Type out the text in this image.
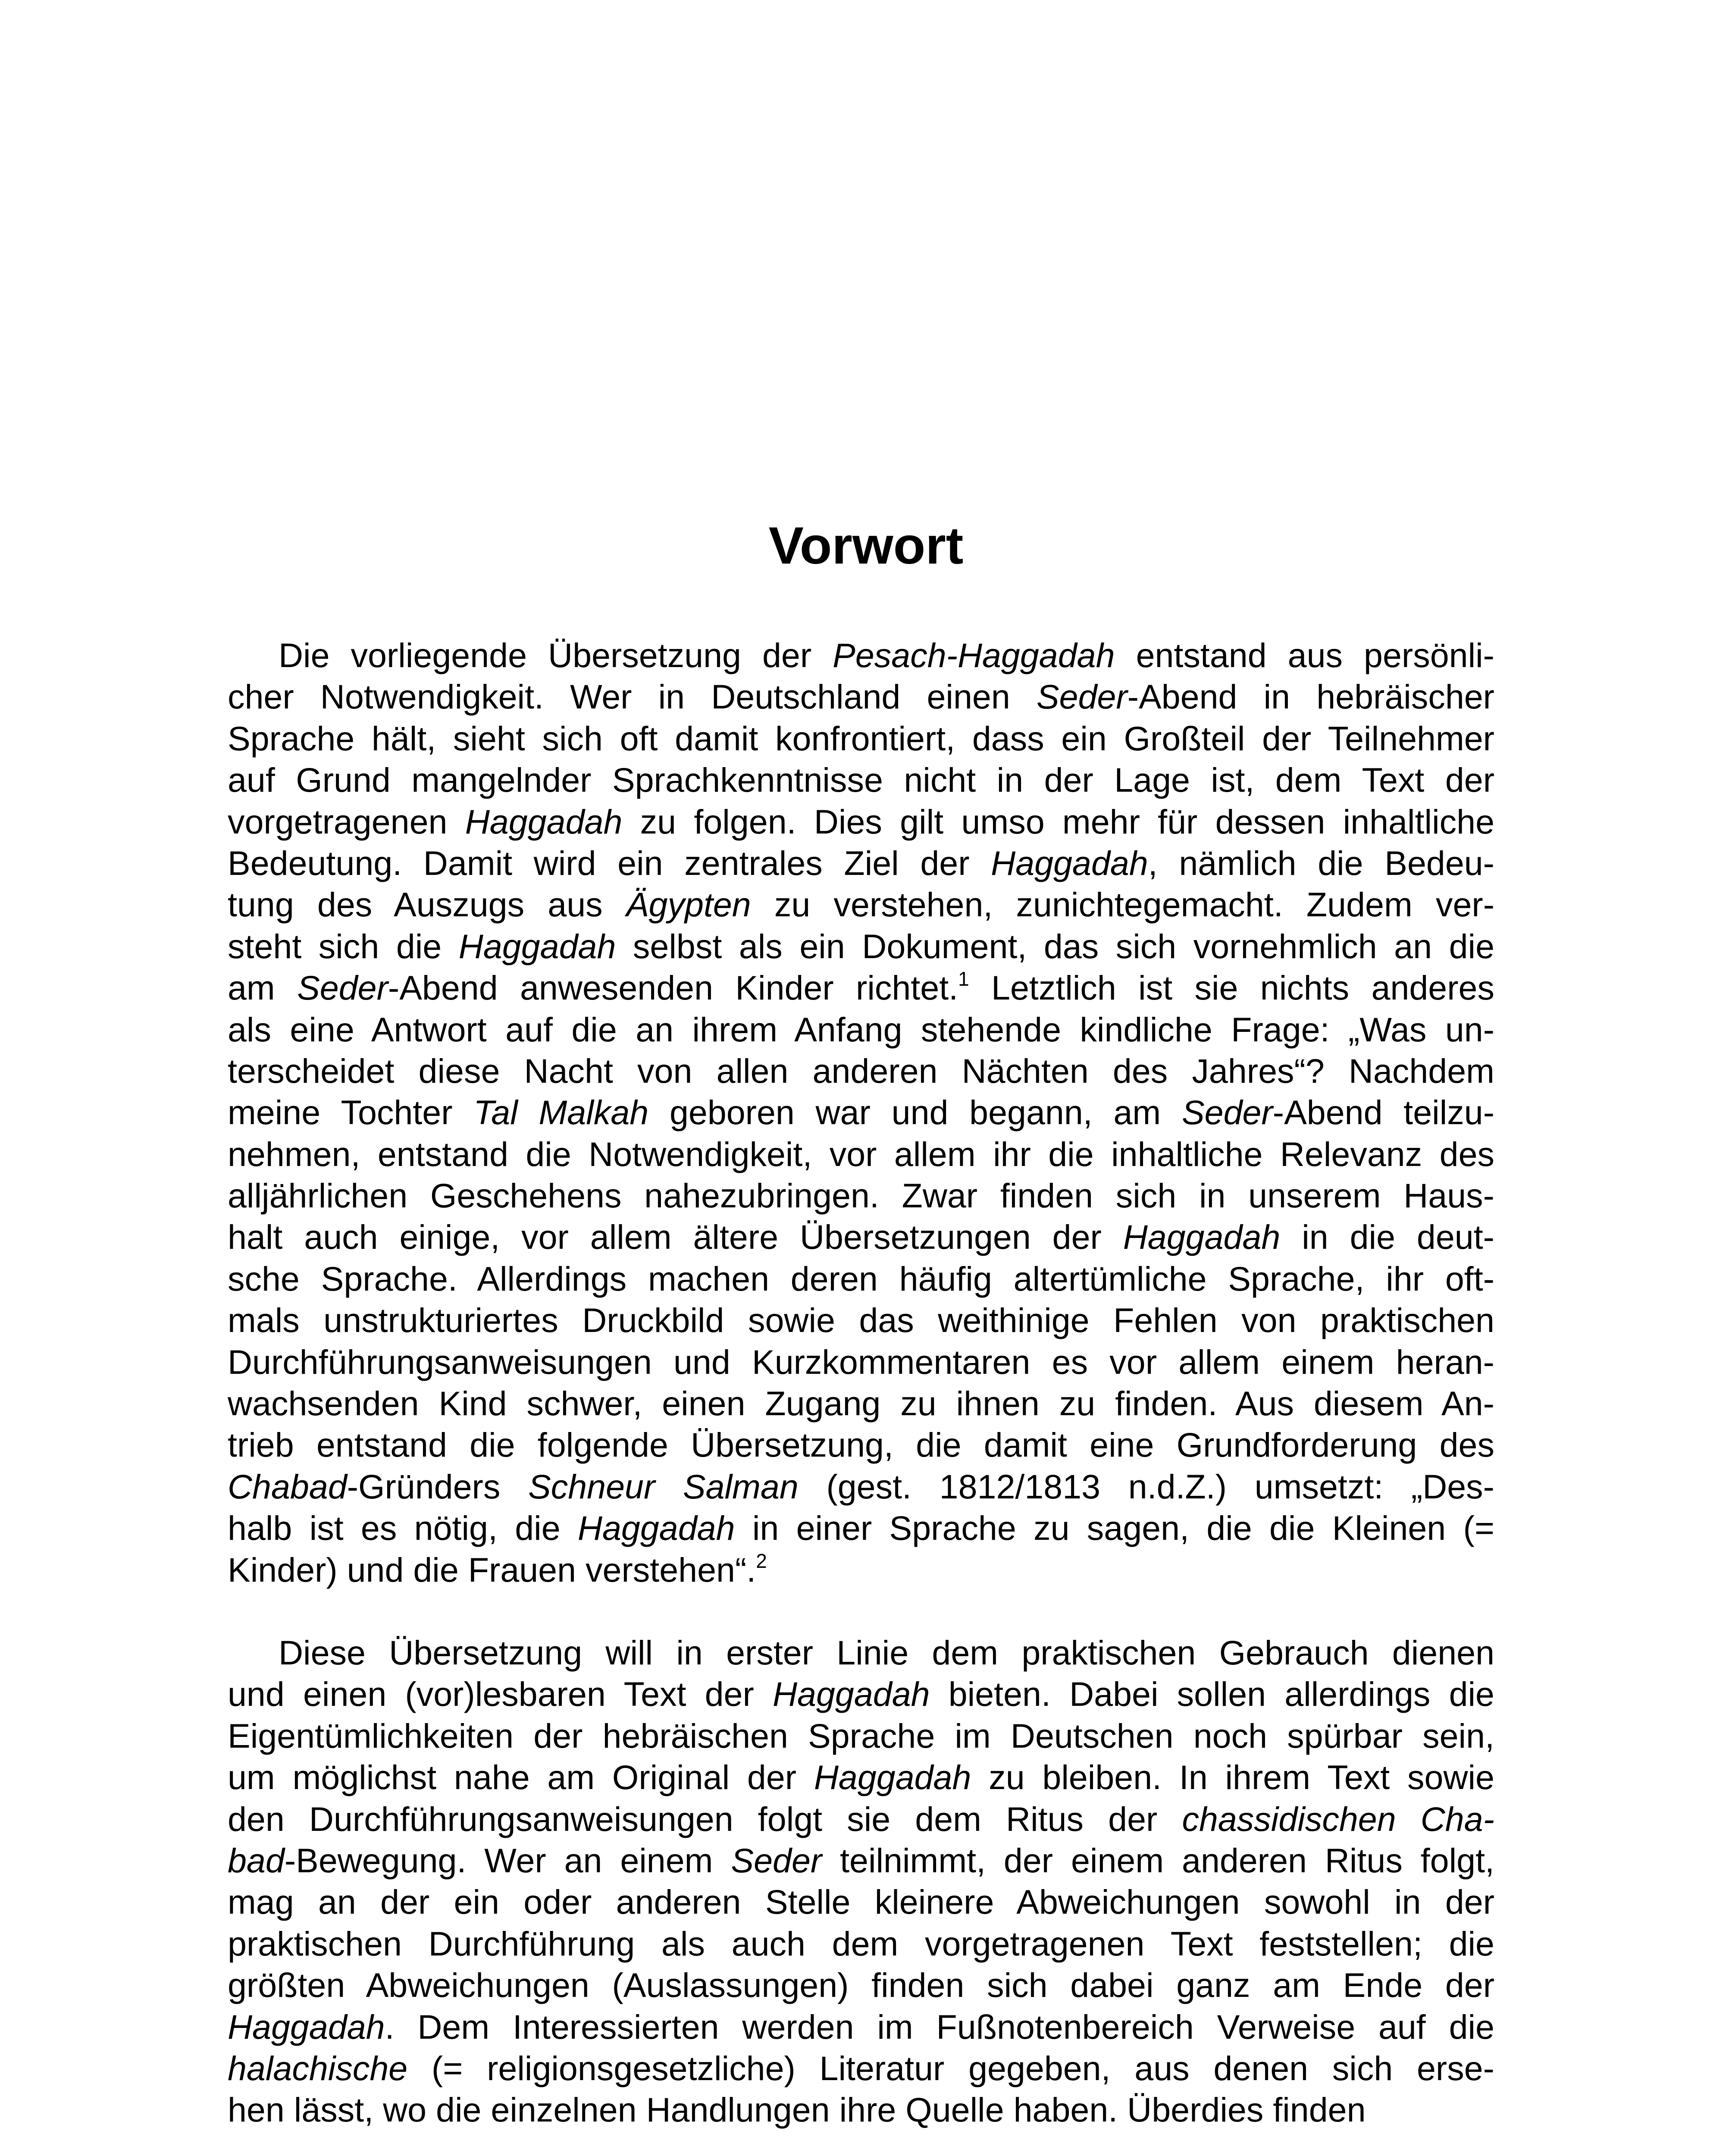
Vorwort

Die vorliegende Übersetzung der Pesach-Haggadah entstand aus persönli-
cher Notwendigkeit. Wer in Deutschland einen Seder-Abend in hebräischer
Sprache hält, sieht sich oft damit konfrontiert, dass ein Großteil der Teilnehmer
auf Grund mangelnder Sprachkenntnisse nicht in der Lage ist, dem Text der
vorgetragenen Haggadah zu folgen. Dies gilt umso mehr für dessen inhaltliche
Bedeutung. Damit wird ein zentrales Ziel der Haggadah, nämlich die Bedeu-
tung des Auszugs aus Ägypten zu verstehen, zunichtegemacht. Zudem ver-
steht sich die Haggadah selbst als ein Dokument, das sich vornehmlich an die
am Seder-Abend anwesenden Kinder richtet.$^1$ Letztlich ist sie nichts anderes
als eine Antwort auf die an ihrem Anfang stehende kindliche Frage: „Was un-
terscheidet diese Nacht von allen anderen Nächten des Jahres“? Nachdem
meine Tochter Tal Malkah geboren war und begann, am Seder-Abend teilzu-
nehmen, entstand die Notwendigkeit, vor allem ihr die inhaltliche Relevanz des
alljährlichen Geschehens nahezubringen. Zwar finden sich in unserem Haus-
halt auch einige, vor allem ältere Übersetzungen der Haggadah in die deut-
sche Sprache. Allerdings machen deren häufig altertümliche Sprache, ihr oft-
mals unstrukturiertes Druckbild sowie das weithinige Fehlen von praktischen
Durchführungsanweisungen und Kurzkommentaren es vor allem einem heran-
wachsenden Kind schwer, einen Zugang zu ihnen zu finden. Aus diesem An-
trieb entstand die folgende Übersetzung, die damit eine Grundforderung des
Chabad-Gründers Schneur Salman (gest. 1812/1813 n.d.Z.) umsetzt: „Des-
halb ist es nötig, die Haggadah in einer Sprache zu sagen, die die Kleinen (=
Kinder) und die Frauen verstehen“.$^2$

Diese Übersetzung will in erster Linie dem praktischen Gebrauch dienen
und einen (vor)lesbaren Text der Haggadah bieten. Dabei sollen allerdings die
Eigentümlichkeiten der hebräischen Sprache im Deutschen noch spürbar sein,
um möglichst nahe am Original der Haggadah zu bleiben. In ihrem Text sowie
den Durchführungsanweisungen folgt sie dem Ritus der chassidischen Cha-
bad-Bewegung. Wer an einem Seder teilnimmt, der einem anderen Ritus folgt,
mag an der ein oder anderen Stelle kleinere Abweichungen sowohl in der
praktischen Durchführung als auch dem vorgetragenen Text feststellen; die
größten Abweichungen (Auslassungen) finden sich dabei ganz am Ende der
Haggadah. Dem Interessierten werden im Fußnotenbereich Verweise auf die
halachische (= religionsgesetzliche) Literatur gegeben, aus denen sich erse-
hen lässt, wo die einzelnen Handlungen ihre Quelle haben. Überdies finden
